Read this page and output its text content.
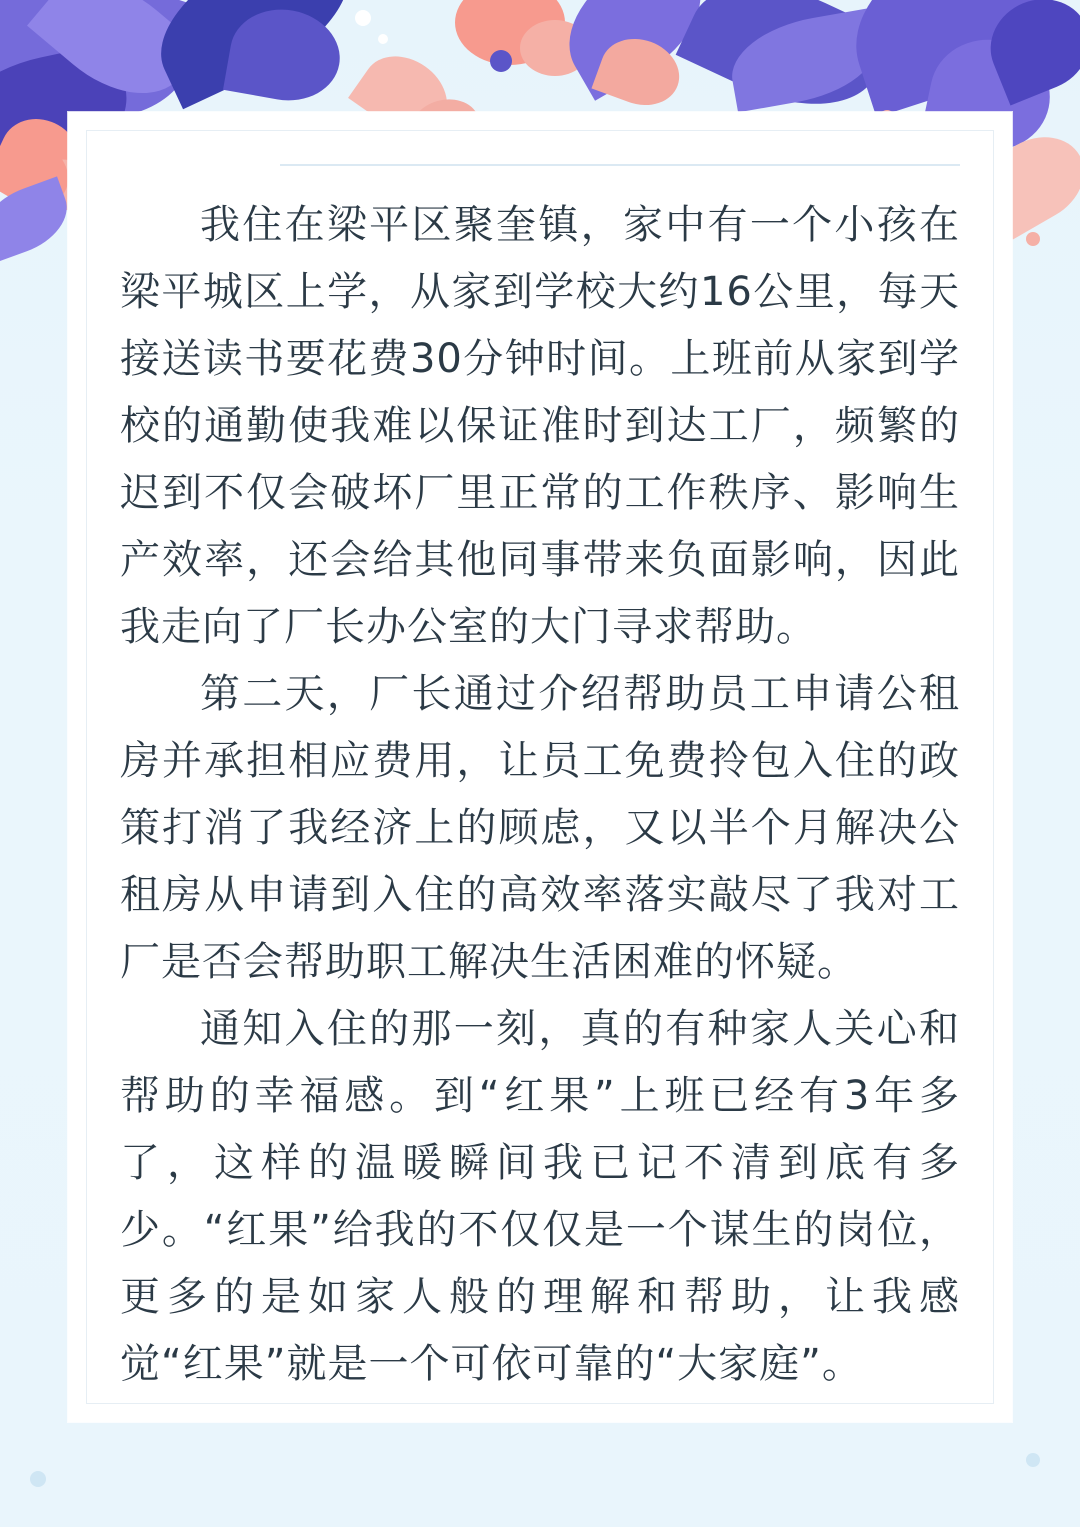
我住在梁平区聚奎镇，家中有一个小孩在梁平城区上学，从家到学校大约16公里，每天接送读书要花费30分钟时间。上班前从家到学校的通勤使我难以保证准时到达工厂，频繁的迟到不仅会破坏厂里正常的工作秩序、影响生产效率，还会给其他同事带来负面影响，因此我走向了厂长办公室的大门寻求帮助。

第二天，厂长通过介绍帮助员工申请公租房并承担相应费用，让员工免费拎包入住的政策打消了我经济上的顾虑，又以半个月解决公租房从申请到入住的高效率落实敲尽了我对工厂是否会帮助职工解决生活困难的怀疑。

通知入住的那一刻，真的有种家人关心和帮助的幸福感。到“红果”上班已经有3年多了，这样的温暖瞬间我已记不清到底有多少。“红果”给我的不仅仅是一个谋生的岗位，更多的是如家人般的理解和帮助，让我感觉“红果”就是一个可依可靠的“大家庭”。
